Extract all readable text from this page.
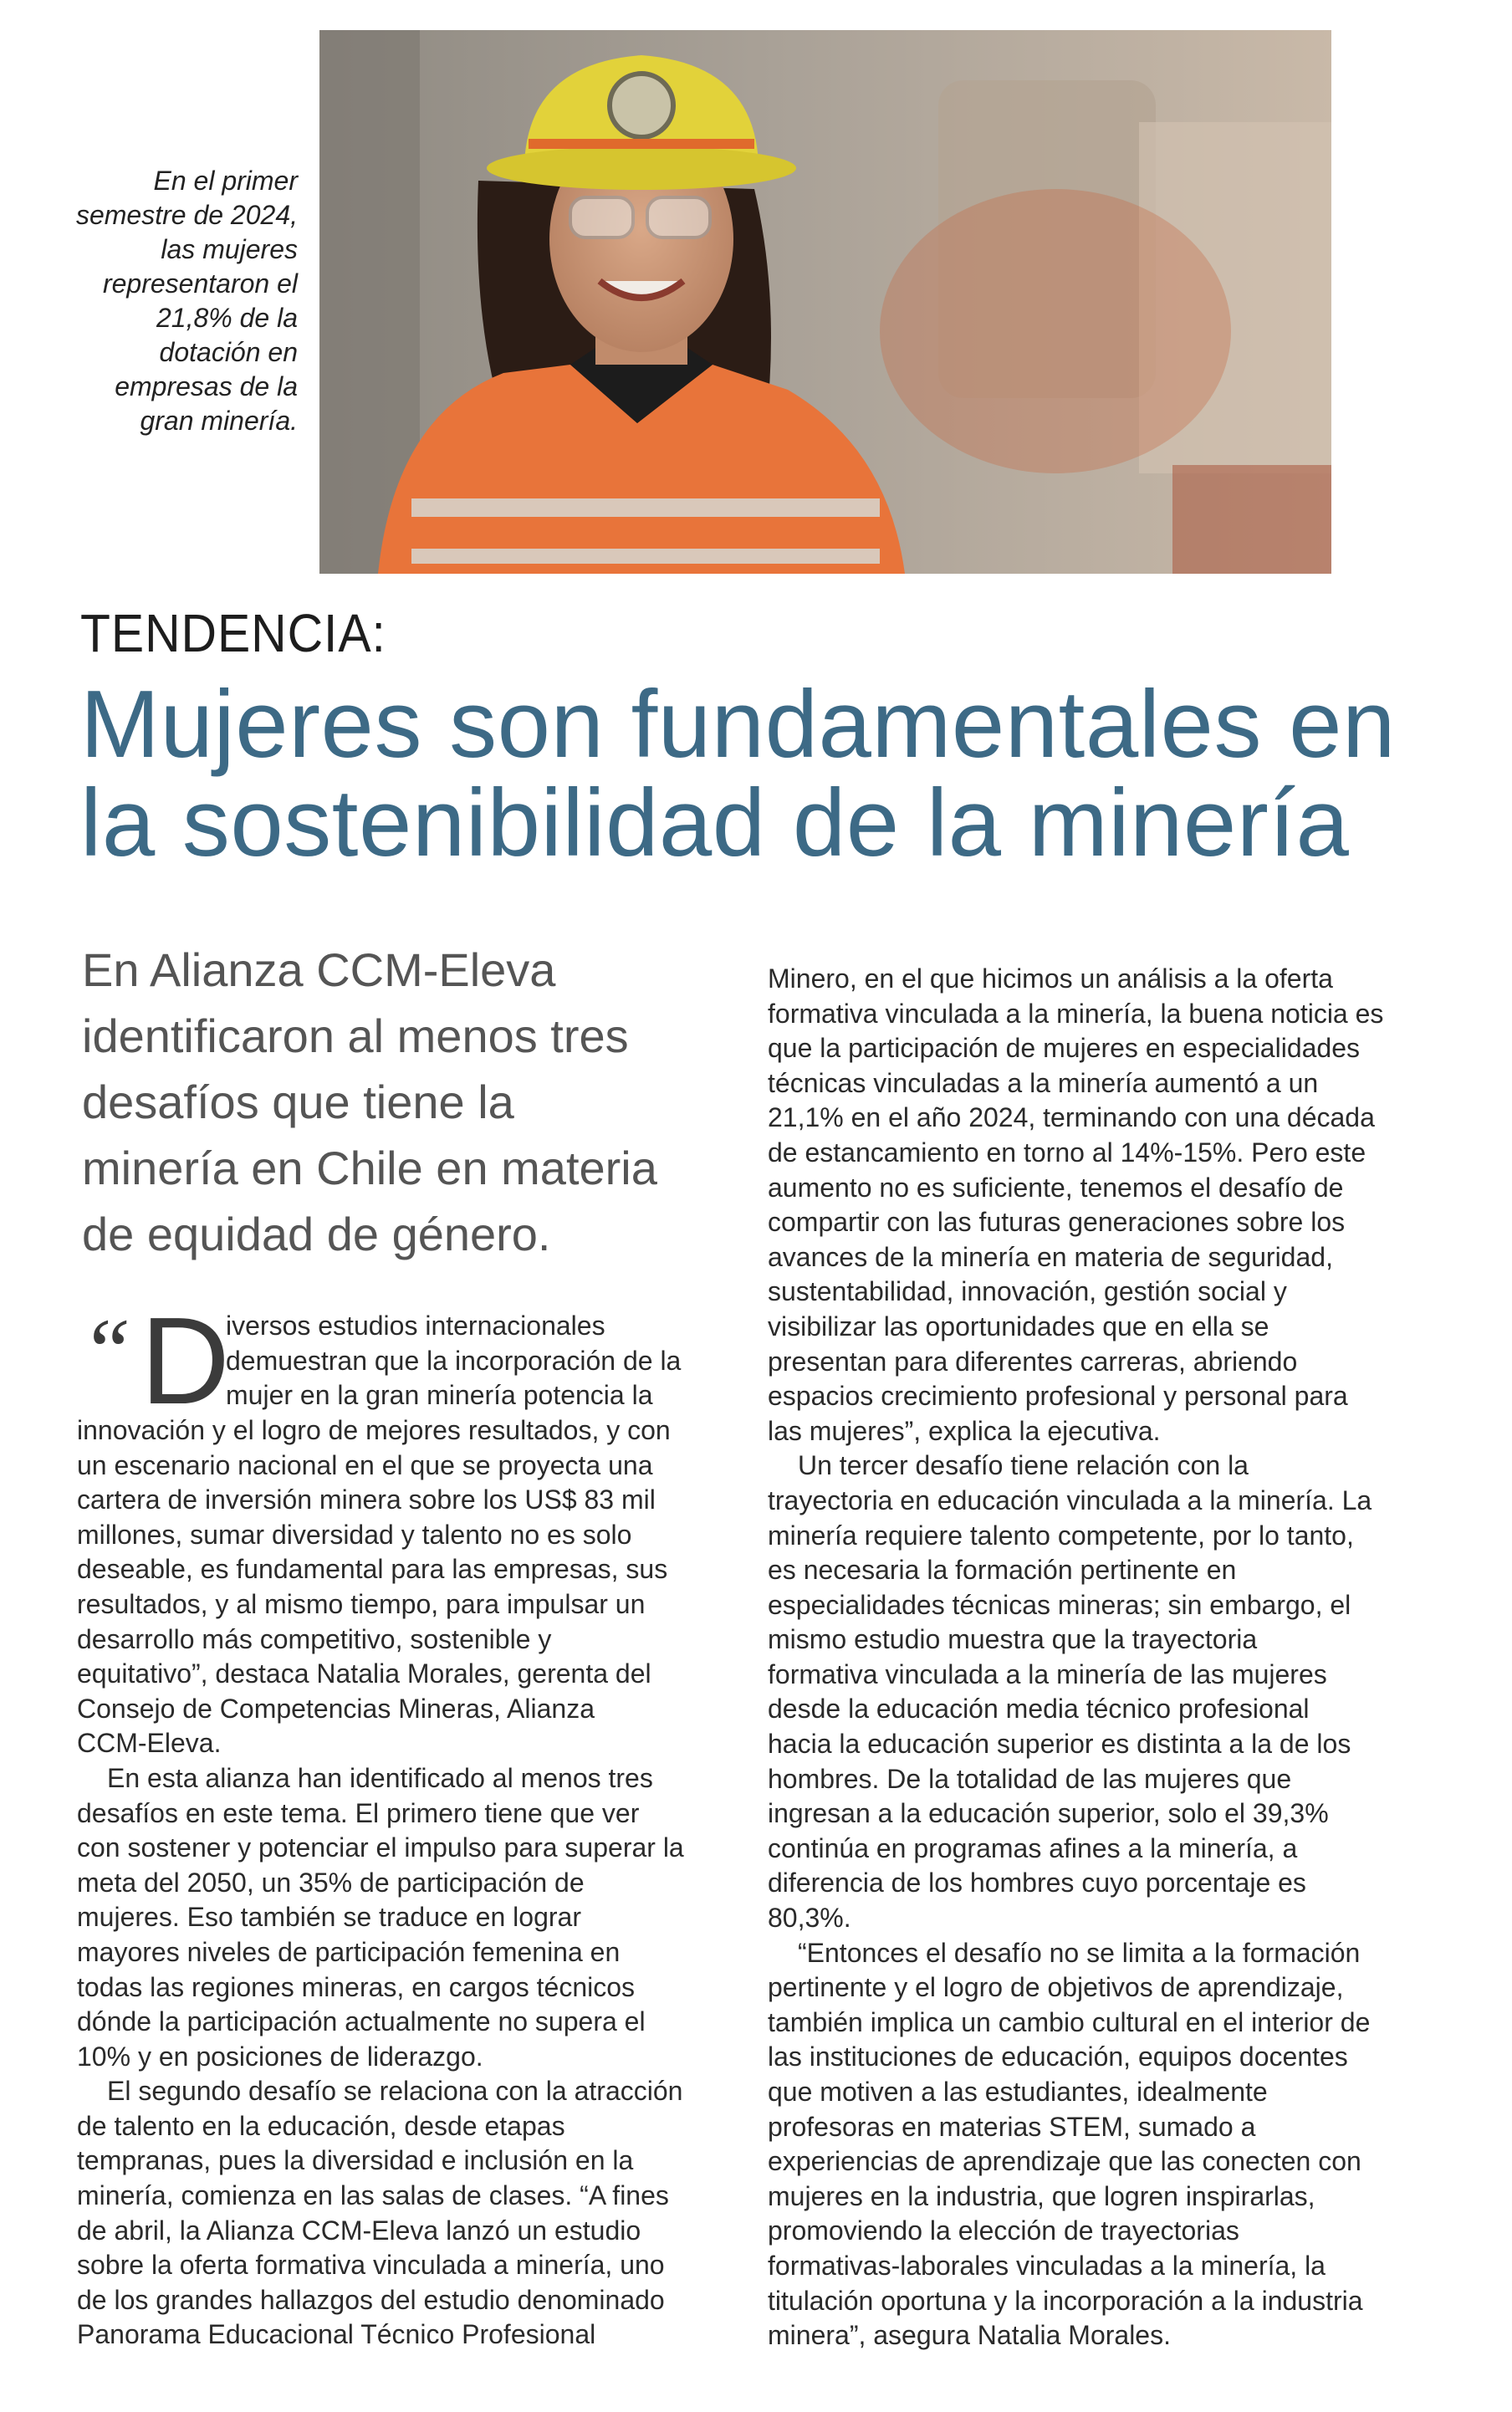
En el primer
semestre de 2024,
las mujeres
representaron el
21,8% de la
dotación en
empresas de la
gran minería.
TENDENCIA:
Mujeres son fundamentales en
la sostenibilidad de la minería
En Alianza CCM-Eleva
identificaron al menos tres
desafíos que tiene la
minería en Chile en materia
de equidad de género.
“ D
iversos estudios internacionales
demuestran que la incorporación de la
mujer en la gran minería potencia la
innovación y el logro de mejores resultados, y con
un escenario nacional en el que se proyecta una
cartera de inversión minera sobre los US$ 83 mil
millones, sumar diversidad y talento no es solo
deseable, es fundamental para las empresas, sus
resultados, y al mismo tiempo, para impulsar un
desarrollo más competitivo, sostenible y
equitativo”, destaca Natalia Morales, gerenta del
Consejo de Competencias Mineras, Alianza
CCM-Eleva.
En esta alianza han identificado al menos tres
desafíos en este tema. El primero tiene que ver
con sostener y potenciar el impulso para superar la
meta del 2050, un 35% de participación de
mujeres. Eso también se traduce en lograr
mayores niveles de participación femenina en
todas las regiones mineras, en cargos técnicos
dónde la participación actualmente no supera el
10% y en posiciones de liderazgo.
El segundo desafío se relaciona con la atracción
de talento en la educación, desde etapas
tempranas, pues la diversidad e inclusión en la
minería, comienza en las salas de clases. “A fines
de abril, la Alianza CCM-Eleva lanzó un estudio
sobre la oferta formativa vinculada a minería, uno
de los grandes hallazgos del estudio denominado
Panorama Educacional Técnico Profesional
Minero, en el que hicimos un análisis a la oferta
formativa vinculada a la minería, la buena noticia es
que la participación de mujeres en especialidades
técnicas vinculadas a la minería aumentó a un
21,1% en el año 2024, terminando con una década
de estancamiento en torno al 14%-15%. Pero este
aumento no es suficiente, tenemos el desafío de
compartir con las futuras generaciones sobre los
avances de la minería en materia de seguridad,
sustentabilidad, innovación, gestión social y
visibilizar las oportunidades que en ella se
presentan para diferentes carreras, abriendo
espacios crecimiento profesional y personal para
las mujeres”, explica la ejecutiva.
Un tercer desafío tiene relación con la
trayectoria en educación vinculada a la minería. La
minería requiere talento competente, por lo tanto,
es necesaria la formación pertinente en
especialidades técnicas mineras; sin embargo, el
mismo estudio muestra que la trayectoria
formativa vinculada a la minería de las mujeres
desde la educación media técnico profesional
hacia la educación superior es distinta a la de los
hombres. De la totalidad de las mujeres que
ingresan a la educación superior, solo el 39,3%
continúa en programas afines a la minería, a
diferencia de los hombres cuyo porcentaje es
80,3%.
“Entonces el desafío no se limita a la formación
pertinente y el logro de objetivos de aprendizaje,
también implica un cambio cultural en el interior de
las instituciones de educación, equipos docentes
que motiven a las estudiantes, idealmente
profesoras en materias STEM, sumado a
experiencias de aprendizaje que las conecten con
mujeres en la industria, que logren inspirarlas,
promoviendo la elección de trayectorias
formativas-laborales vinculadas a la minería, la
titulación oportuna y la incorporación a la industria
minera”, asegura Natalia Morales.
